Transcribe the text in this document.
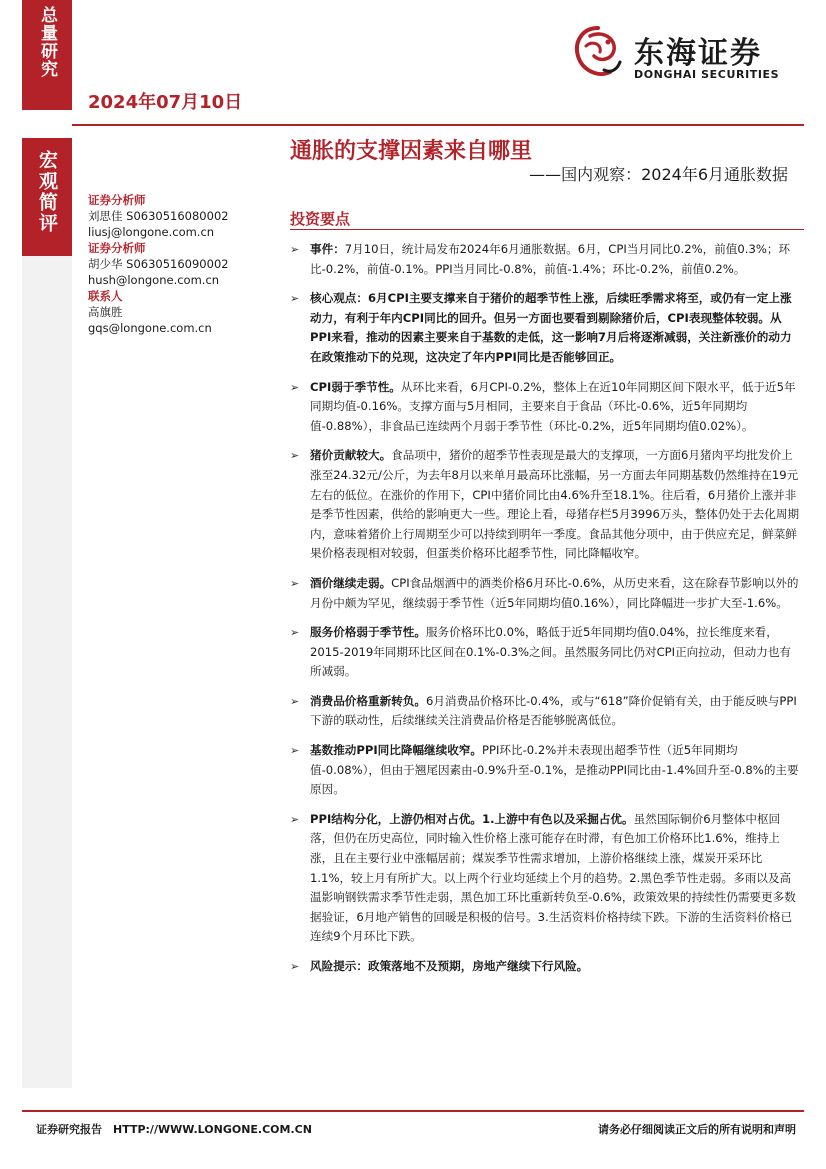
总量研究
宏观简评
2024年07月10日
东海证券
DONGHAI SECURITIES
通胀的支撑因素来自哪里
——国内观察：2024年6月通胀数据
证券分析师
刘思佳 S0630516080002
liusj@longone.com.cn
证券分析师
胡少华 S0630516090002
hush@longone.com.cn
联系人
高旗胜
gqs@longone.com.cn
投资要点
➢ 事件：7月10日，统计局发布2024年6月通胀数据。6月，CPI当月同比0.2%，前值0.3%；环比-0.2%，前值-0.1%。PPI当月同比-0.8%，前值-1.4%；环比-0.2%，前值0.2%。
➢ 核心观点：6月CPI主要支撑来自于猪价的超季节性上涨，后续旺季需求将至，或仍有一定上涨动力，有利于年内CPI同比的回升。但另一方面也要看到剔除猪价后，CPI表现整体较弱。从PPI来看，推动的因素主要来自于基数的走低，这一影响7月后将逐渐减弱，关注新涨价的动力在政策推动下的兑现，这决定了年内PPI同比是否能够回正。
➢ CPI弱于季节性。从环比来看，6月CPI-0.2%，整体上在近10年同期区间下限水平，低于近5年同期均值-0.16%。支撑方面与5月相同，主要来自于食品（环比-0.6%，近5年同期均值-0.88%），非食品已连续两个月弱于季节性（环比-0.2%，近5年同期均值0.02%）。
➢ 猪价贡献较大。食品项中，猪价的超季节性表现是最大的支撑项，一方面6月猪肉平均批发价上涨至24.32元/公斤，为去年8月以来单月最高环比涨幅，另一方面去年同期基数仍然维持在19元左右的低位。在涨价的作用下，CPI中猪价同比由4.6%升至18.1%。往后看，6月猪价上涨并非是季节性因素，供给的影响更大一些。理论上看，母猪存栏5月3996万头，整体仍处于去化周期内，意味着猪价上行周期至少可以持续到明年一季度。食品其他分项中，由于供应充足，鲜菜鲜果价格表现相对较弱，但蛋类价格环比超季节性，同比降幅收窄。
➢ 酒价继续走弱。CPI食品烟酒中的酒类价格6月环比-0.6%，从历史来看，这在除春节影响以外的月份中颇为罕见，继续弱于季节性（近5年同期均值0.16%），同比降幅进一步扩大至-1.6%。
➢ 服务价格弱于季节性。服务价格环比0.0%，略低于近5年同期均值0.04%，拉长维度来看，2015-2019年同期环比区间在0.1%-0.3%之间。虽然服务同比仍对CPI正向拉动，但动力也有所减弱。
➢ 消费品价格重新转负。6月消费品价格环比-0.4%，或与“618”降价促销有关，由于能反映与PPI下游的联动性，后续继续关注消费品价格是否能够脱离低位。
➢ 基数推动PPI同比降幅继续收窄。PPI环比-0.2%并未表现出超季节性（近5年同期均值-0.08%），但由于翘尾因素由-0.9%升至-0.1%，是推动PPI同比由-1.4%回升至-0.8%的主要原因。
➢ PPI结构分化，上游仍相对占优。1.上游中有色以及采掘占优。虽然国际铜价6月整体中枢回落，但仍在历史高位，同时输入性价格上涨可能存在时滞，有色加工价格环比1.6%，维持上涨，且在主要行业中涨幅居前；煤炭季节性需求增加，上游价格继续上涨，煤炭开采环比1.1%，较上月有所扩大。以上两个行业均延续上个月的趋势。2.黑色季节性走弱。多雨以及高温影响钢铁需求季节性走弱，黑色加工环比重新转负至-0.6%，政策效果的持续性仍需要更多数据验证，6月地产销售的回暖是积极的信号。3.生活资料价格持续下跌。下游的生活资料价格已连续9个月环比下跌。
➢ 风险提示：政策落地不及预期，房地产继续下行风险。
证券研究报告　HTTP://WWW.LONGONE.COM.CN	请务必仔细阅读正文后的所有说明和声明
